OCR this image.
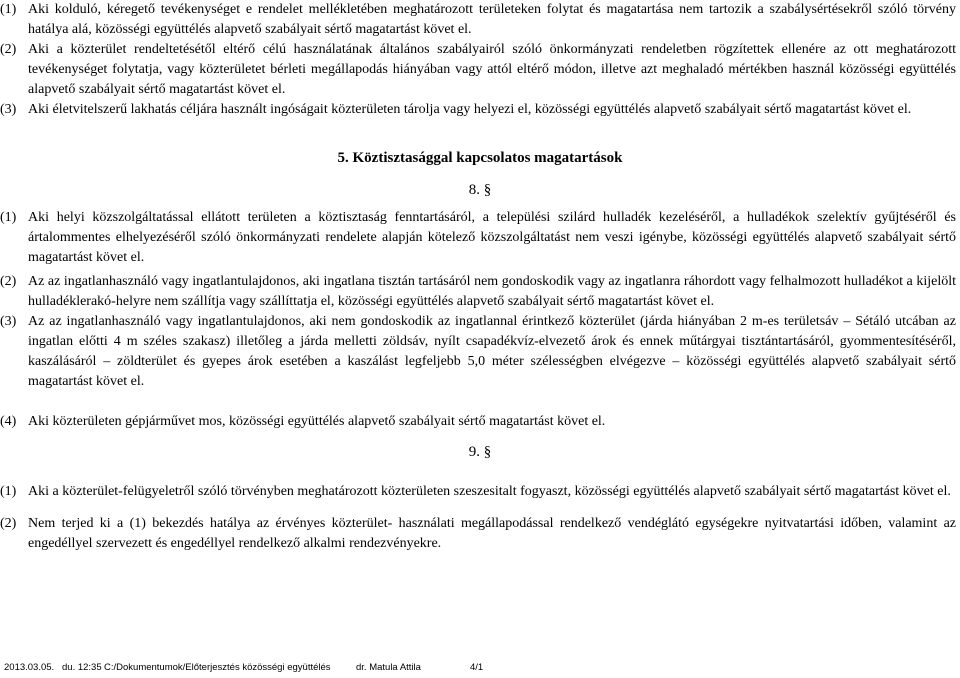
(1) Aki kolduló, kéregető tevékenységet e rendelet mellékletében meghatározott területeken folytat és magatartása nem tartozik a szabálysértésekről szóló törvény hatálya alá, közösségi együttélés alapvető szabályait sértő magatartást követ el.
(2) Aki a közterület rendeltetésétől eltérő célú használatának általános szabályairól szóló önkormányzati rendeletben rögzítettek ellenére az ott meghatározott tevékenységet folytatja, vagy közterületet bérleti megállapodás hiányában vagy attól eltérő módon, illetve azt meghaladó mértékben használ közösségi együttélés alapvető szabályait sértő magatartást követ el.
(3) Aki életvitelszerű lakhatás céljára használt ingóságait közterületen tárolja vagy helyezi el, közösségi együttélés alapvető szabályait sértő magatartást követ el.
5. Köztisztasággal kapcsolatos magatartások
8. §
(1) Aki helyi közszolgáltatással ellátott területen a köztisztaság fenntartásáról, a települési szilárd hulladék kezeléséről, a hulladékok szelektív gyűjtéséről és ártalommentes elhelyezéséről szóló önkormányzati rendelete alapján kötelező közszolgáltatást nem veszi igénybe, közösségi együttélés alapvető szabályait sértő magatartást követ el.
(2) Az az ingatlanhasználó vagy ingatlantulajdonos, aki ingatlana tisztán tartásáról nem gondoskodik vagy az ingatlanra ráhordott vagy felhalmozott hulladékot a kijelölt hulladéklerakó-helyre nem szállítja vagy szállíttatja el, közösségi együttélés alapvető szabályait sértő magatartást követ el.
(3) Az az ingatlanhasználó vagy ingatlantulajdonos, aki nem gondoskodik az ingatlannal érintkező közterület (járda hiányában 2 m-es területsáv – Sétáló utcában az ingatlan előtti 4 m széles szakasz) illetőleg a járda melletti zöldsáv, nyílt csapadékvíz-elvezető árok és ennek műtárgyai tisztántartásáról, gyommentesítéséről, kaszálásáról – zöldterület és gyepes árok esetében a kaszálást legfeljebb 5,0 méter szélességben elvégezve – közösségi együttélés alapvető szabályait sértő magatartást követ el.
(4) Aki közterületen gépjárművet mos, közösségi együttélés alapvető szabályait sértő magatartást követ el.
9. §
(1) Aki a közterület-felügyeletről szóló törvényben meghatározott közterületen szeszesitalt fogyaszt, közösségi együttélés alapvető szabályait sértő magatartást követ el.
(2) Nem terjed ki a (1) bekezdés hatálya az érvényes közterület- használati megállapodással rendelkező vendéglátó egységekre nyitvatartási időben, valamint az engedéllyel szervezett és engedéllyel rendelkező alkalmi rendezvényekre.
2013.03.05. du. 12:35 C:/Dokumentumok/Előterjesztés közösségi együttélés	dr. Matula Attila	4/1
